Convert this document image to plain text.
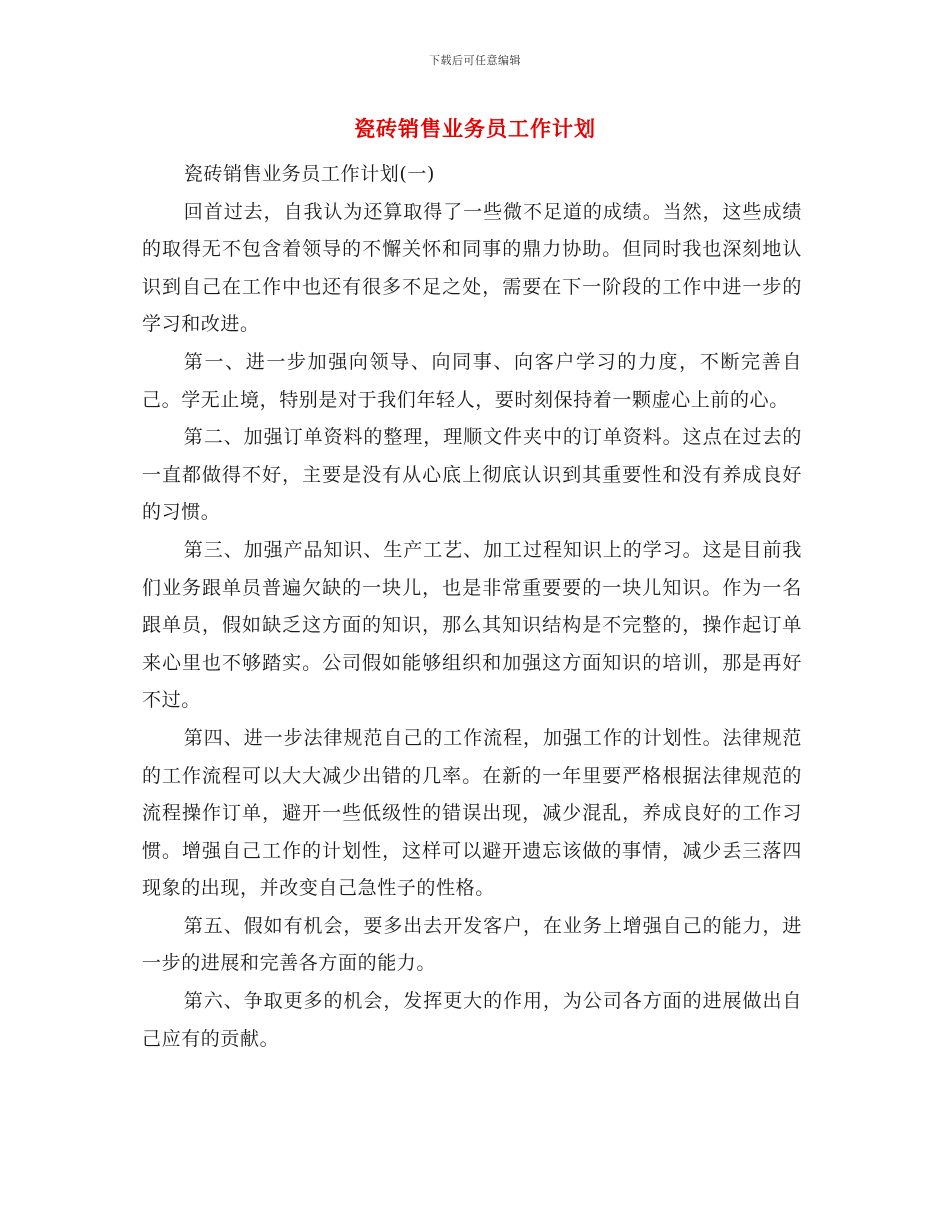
下载后可任意编辑
瓷砖销售业务员工作计划

瓷砖销售业务员工作计划(一)

回首过去，自我认为还算取得了一些微不足道的成绩。当然，这些成绩的取得无不包含着领导的不懈关怀和同事的鼎力协助。但同时我也深刻地认识到自己在工作中也还有很多不足之处，需要在下一阶段的工作中进一步的学习和改进。

第一、进一步加强向领导、向同事、向客户学习的力度，不断完善自己。学无止境，特别是对于我们年轻人，要时刻保持着一颗虚心上前的心。

第二、加强订单资料的整理，理顺文件夹中的订单资料。这点在过去的一直都做得不好，主要是没有从心底上彻底认识到其重要性和没有养成良好的习惯。

第三、加强产品知识、生产工艺、加工过程知识上的学习。这是目前我们业务跟单员普遍欠缺的一块儿，也是非常重要要的一块儿知识。作为一名跟单员，假如缺乏这方面的知识，那么其知识结构是不完整的，操作起订单来心里也不够踏实。公司假如能够组织和加强这方面知识的培训，那是再好不过。

第四、进一步法律规范自己的工作流程，加强工作的计划性。法律规范的工作流程可以大大减少出错的几率。在新的一年里要严格根据法律规范的流程操作订单，避开一些低级性的错误出现，减少混乱，养成良好的工作习惯。增强自己工作的计划性，这样可以避开遗忘该做的事情，减少丢三落四现象的出现，并改变自己急性子的性格。

第五、假如有机会，要多出去开发客户，在业务上增强自己的能力，进一步的进展和完善各方面的能力。

第六、争取更多的机会，发挥更大的作用，为公司各方面的进展做出自己应有的贡献。
